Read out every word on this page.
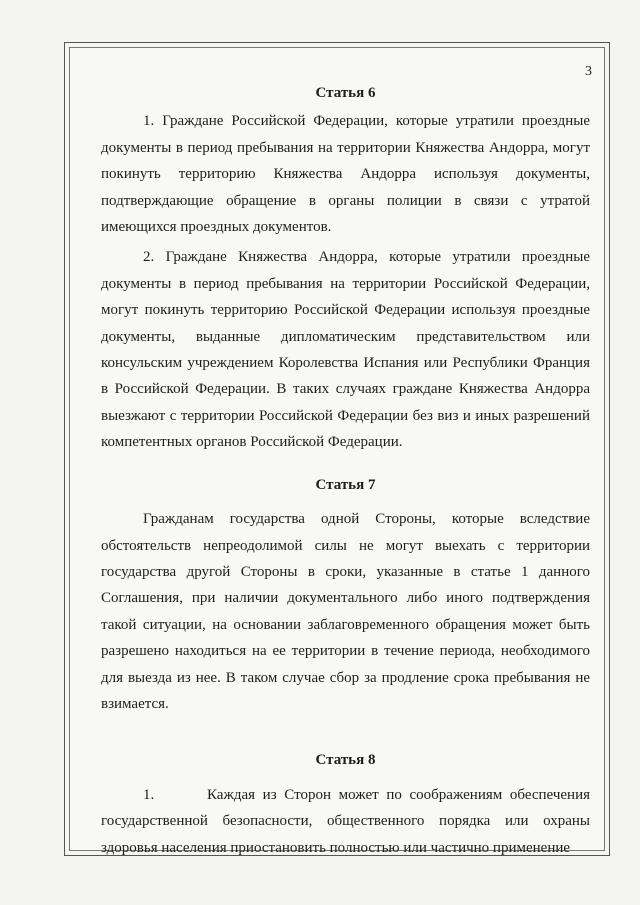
3
Статья 6

1. Граждане Российской Федерации, которые утратили проездные документы в период пребывания на территории Княжества Андорра, могут покинуть территорию Княжества Андорра используя документы, подтверждающие обращение в органы полиции в связи с утратой имеющихся проездных документов.

2. Граждане Княжества Андорра, которые утратили проездные документы в период пребывания на территории Российской Федерации, могут покинуть территорию Российской Федерации используя проездные документы, выданные дипломатическим представительством или консульским учреждением Королевства Испания или Республики Франция в Российской Федерации. В таких случаях граждане Княжества Андорра выезжают с территории Российской Федерации без виз и иных разрешений компетентных органов Российской Федерации.

Статья 7

Гражданам государства одной Стороны, которые вследствие обстоятельств непреодолимой силы не могут выехать с территории государства другой Стороны в сроки, указанные в статье 1 данного Соглашения, при наличии документального либо иного подтверждения такой ситуации, на основании заблаговременного обращения может быть разрешено находиться на ее территории в течение периода, необходимого для выезда из нее. В таком случае сбор за продление срока пребывания не взимается.

Статья 8

1.	Каждая из Сторон может по соображениям обеспечения государственной безопасности, общественного порядка или охраны здоровья населения приостановить полностью или частично применение
